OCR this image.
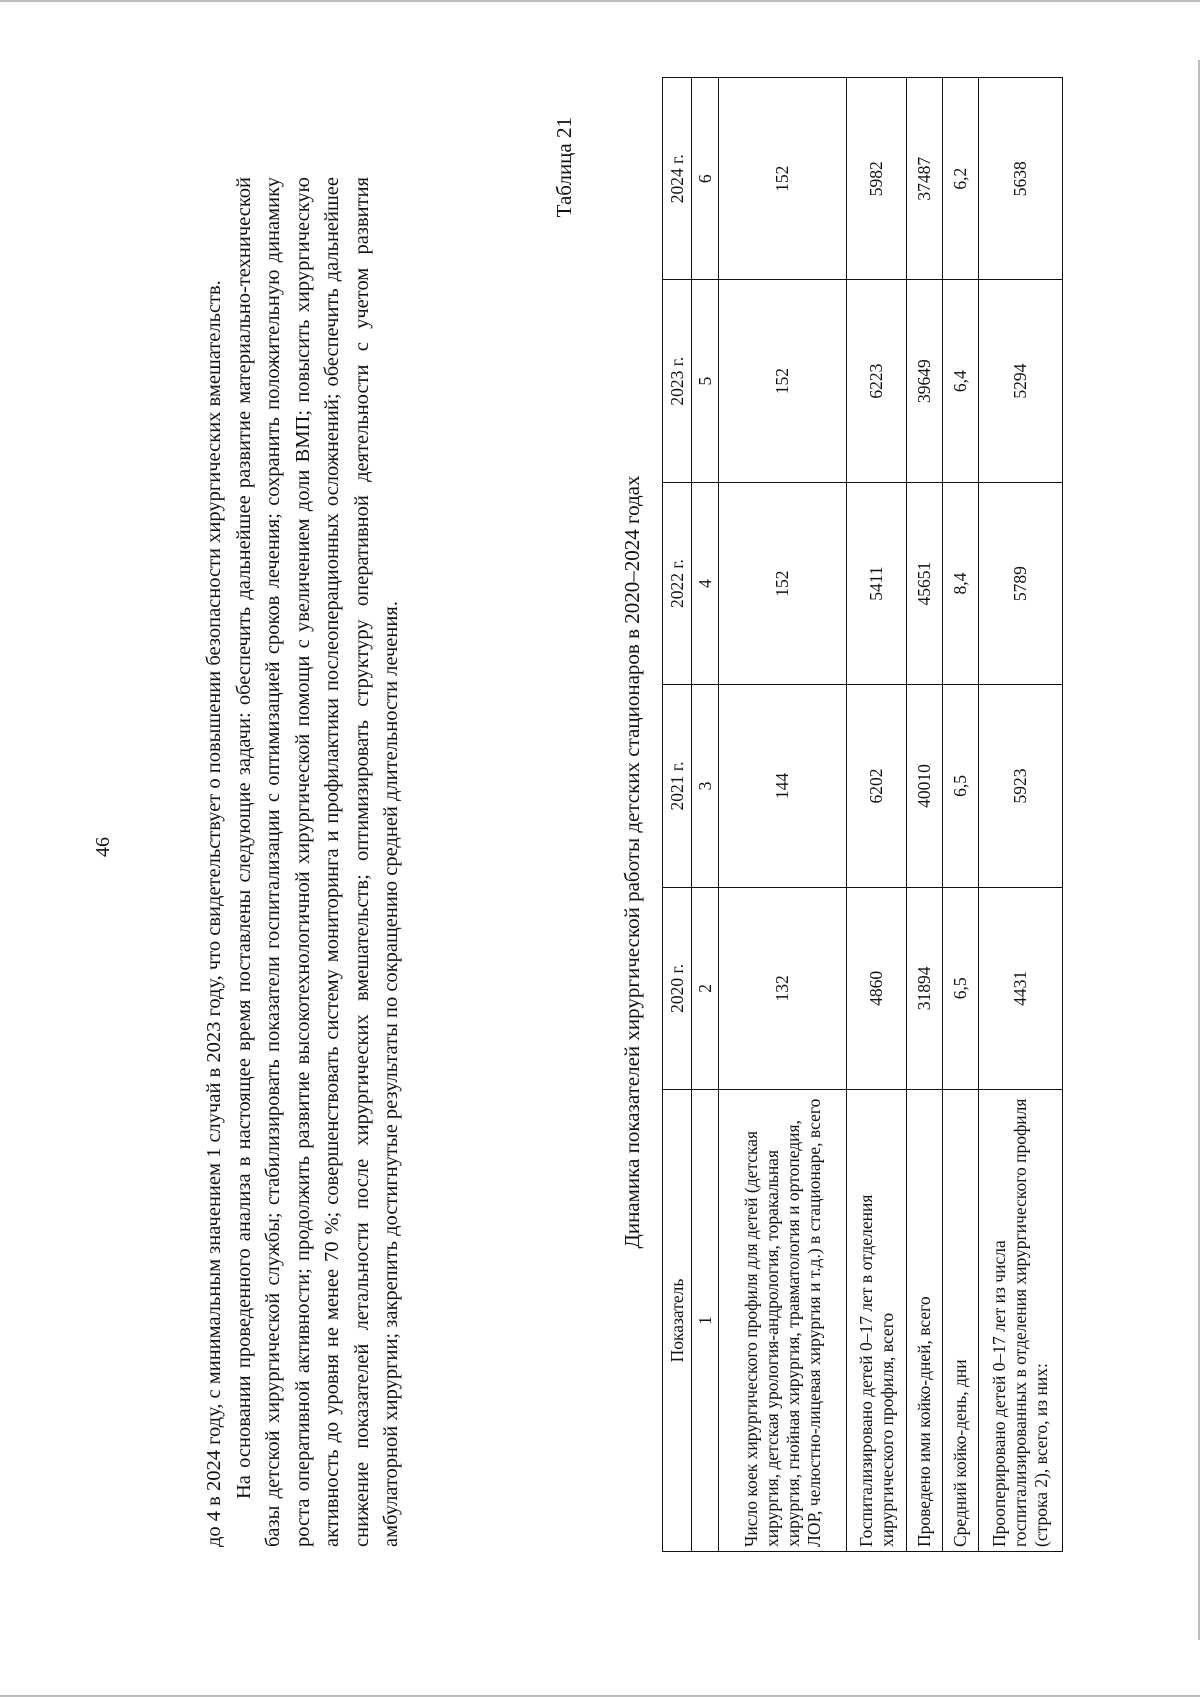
46	до 4 в 2024 году, с минимальным значением 1 случай в 2023 году, что свидетельствует о повышении безопасности хирургических вмешательств. На основании проведенного анализа в настоящее время поставлены следующие задачи: обеспечить дальнейшее развитие материально-технической базы детской хирургической службы; стабилизировать показатели госпитализации с оптимизацией сроков лечения; сохранить положительную динамику роста оперативной активности; продолжить развитие высокотехнологичной хирургической помощи с увеличением доли ВМП; повысить хирургическую активность до уровня не менее 70 %; совершенствовать систему мониторинга и профилактики послеоперационных осложнений; обеспечить дальнейшее снижение показателей летальности после хирургических вмешательств; оптимизировать структуру оперативной деятельности с учетом развития амбулаторной хирургии; закрепить достигнутые результаты по сокращению средней длительности лечения.

Таблица 21
Динамика показателей хирургической работы детских стационаров в 2020–2024 годах
Показатель	2020 г.	2021 г.	2022 г.	2023 г.	2024 г.
1	2	3	4	5	6
Число коек хирургического профиля для детей (детская хирургия, детская урология-андрология, торакальная хирургия, гнойная хирургия, травматология и ортопедия, ЛОР, челюстно-лицевая хирургия и т.д.) в стационаре, всего	132	144	152	152	152
Госпитализировано детей 0–17 лет в отделения хирургического профиля, всего	4860	6202	5411	6223	5982
Проведено ими койко-дней, всего	31894	40010	45651	39649	37487
Средний койко-день, дни	6,5	6,5	8,4	6,4	6,2
Прооперировано детей 0–17 лет из числа госпитализированных в отделения хирургического профиля (строка 2), всего, из них:	4431	5923	5789	5294	5638
